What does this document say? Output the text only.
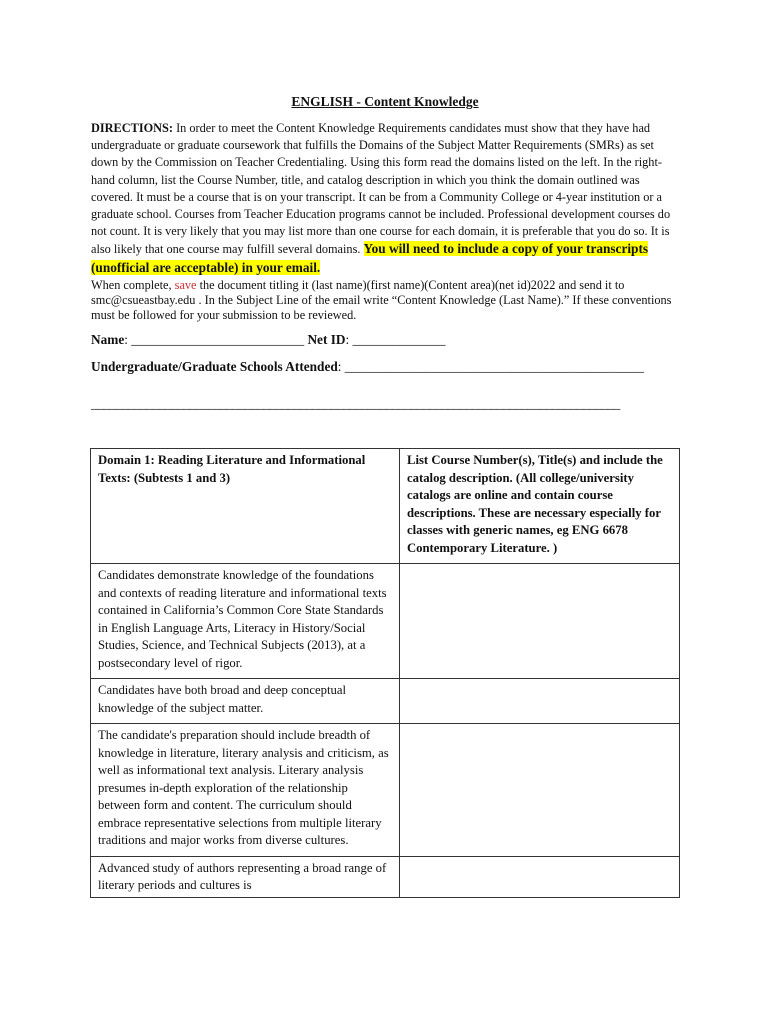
ENGLISH - Content Knowledge
DIRECTIONS: In order to meet the Content Knowledge Requirements candidates must show that they have had undergraduate or graduate coursework that fulfills the Domains of the Subject Matter Requirements (SMRs) as set down by the Commission on Teacher Credentialing. Using this form read the domains listed on the left. In the right-hand column, list the Course Number, title, and catalog description in which you think the domain outlined was covered. It must be a course that is on your transcript. It can be from a Community College or 4-year institution or a graduate school. Courses from Teacher Education programs cannot be included. Professional development courses do not count. It is very likely that you may list more than one course for each domain, it is preferable that you do so. It is also likely that one course may fulfill several domains. You will need to include a copy of your transcripts (unofficial are acceptable) in your email.
When complete, save the document titling it (last name)(first name)(Content area)(net id)2022 and send it to smc@csueastbay.edu . In the Subject Line of the email write “Content Knowledge (Last Name).” If these conventions must be followed for your submission to be reviewed.
Name: __________________________ Net ID: ______________
Undergraduate/Graduate Schools Attended: _____________________________________________
______________________________________________________________________________________
Domain 1: Reading Literature and Informational Texts: (Subtests 1 and 3)	List Course Number(s), Title(s) and include the catalog description. (All college/university catalogs are online and contain course descriptions. These are necessary especially for classes with generic names, eg ENG 6678 Contemporary Literature. )
Candidates demonstrate knowledge of the foundations and contexts of reading literature and informational texts contained in California’s Common Core State Standards in English Language Arts, Literacy in History/Social Studies, Science, and Technical Subjects (2013), at a postsecondary level of rigor.	
Candidates have both broad and deep conceptual knowledge of the subject matter.	
The candidate's preparation should include breadth of knowledge in literature, literary analysis and criticism, as well as informational text analysis. Literary analysis presumes in-depth exploration of the relationship between form and content. The curriculum should embrace representative selections from multiple literary traditions and major works from diverse cultures.	
Advanced study of authors representing a broad range of literary periods and cultures is	
